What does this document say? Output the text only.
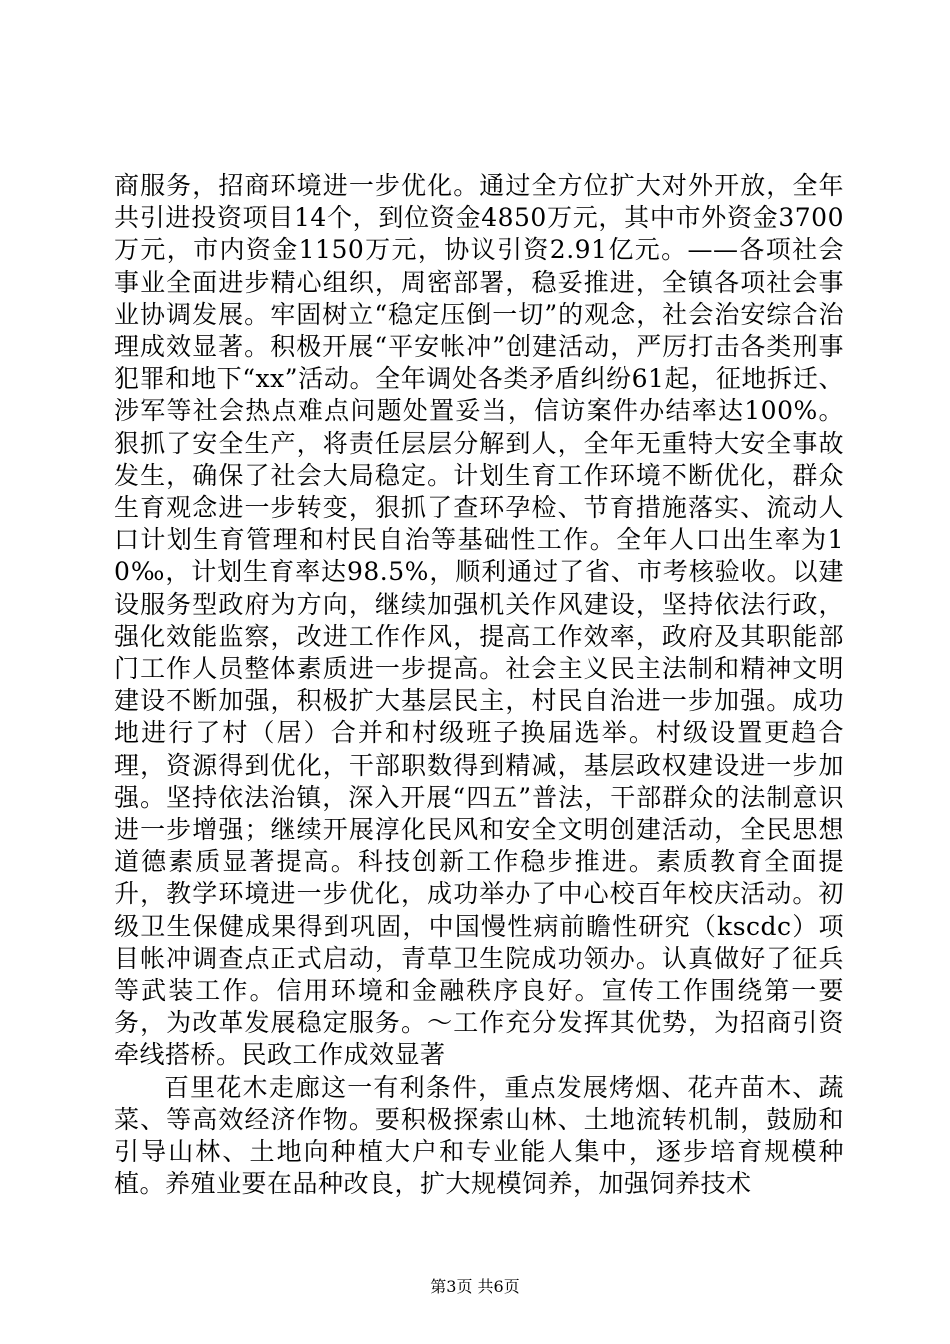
商服务，招商环境进一步优化。通过全方位扩大对外开放，全年共引进投资项目14个，到位资金4850万元，其中市外资金3700万元，市内资金1150万元，协议引资2.91亿元。——各项社会事业全面进步精心组织，周密部署，稳妥推进，全镇各项社会事业协调发展。牢固树立“稳定压倒一切”的观念，社会治安综合治理成效显著。积极开展“平安帐冲”创建活动，严厉打击各类刑事犯罪和地下“xx”活动。全年调处各类矛盾纠纷61起，征地拆迁、涉军等社会热点难点问题处置妥当，信访案件办结率达100%。狠抓了安全生产，将责任层层分解到人，全年无重特大安全事故发生，确保了社会大局稳定。计划生育工作环境不断优化，群众生育观念进一步转变，狠抓了查环孕检、节育措施落实、流动人口计划生育管理和村民自治等基础性工作。全年人口出生率为10‰，计划生育率达98.5%，顺利通过了省、市考核验收。以建设服务型政府为方向，继续加强机关作风建设，坚持依法行政，强化效能监察，改进工作作风，提高工作效率，政府及其职能部门工作人员整体素质进一步提高。社会主义民主法制和精神文明建设不断加强，积极扩大基层民主，村民自治进一步加强。成功地进行了村（居）合并和村级班子换届选举。村级设置更趋合理，资源得到优化，干部职数得到精减，基层政权建设进一步加强。坚持依法治镇，深入开展“四五”普法，干部群众的法制意识进一步增强；继续开展淳化民风和安全文明创建活动，全民思想道德素质显著提高。科技创新工作稳步推进。素质教育全面提升，教学环境进一步优化，成功举办了中心校百年校庆活动。初级卫生保健成果得到巩固，中国慢性病前瞻性研究（kscdc）项目帐冲调查点正式启动，青草卫生院成功领办。认真做好了征兵等武装工作。信用环境和金融秩序良好。宣传工作围绕第一要务，为改革发展稳定服务。～工作充分发挥其优势，为招商引资牵线搭桥。民政工作成效显著

百里花木走廊这一有利条件，重点发展烤烟、花卉苗木、蔬菜、等高效经济作物。要积极探索山林、土地流转机制，鼓励和引导山林、土地向种植大户和专业能人集中，逐步培育规模种植。养殖业要在品种改良，扩大规模饲养，加强饲养技术

第3页 共6页
